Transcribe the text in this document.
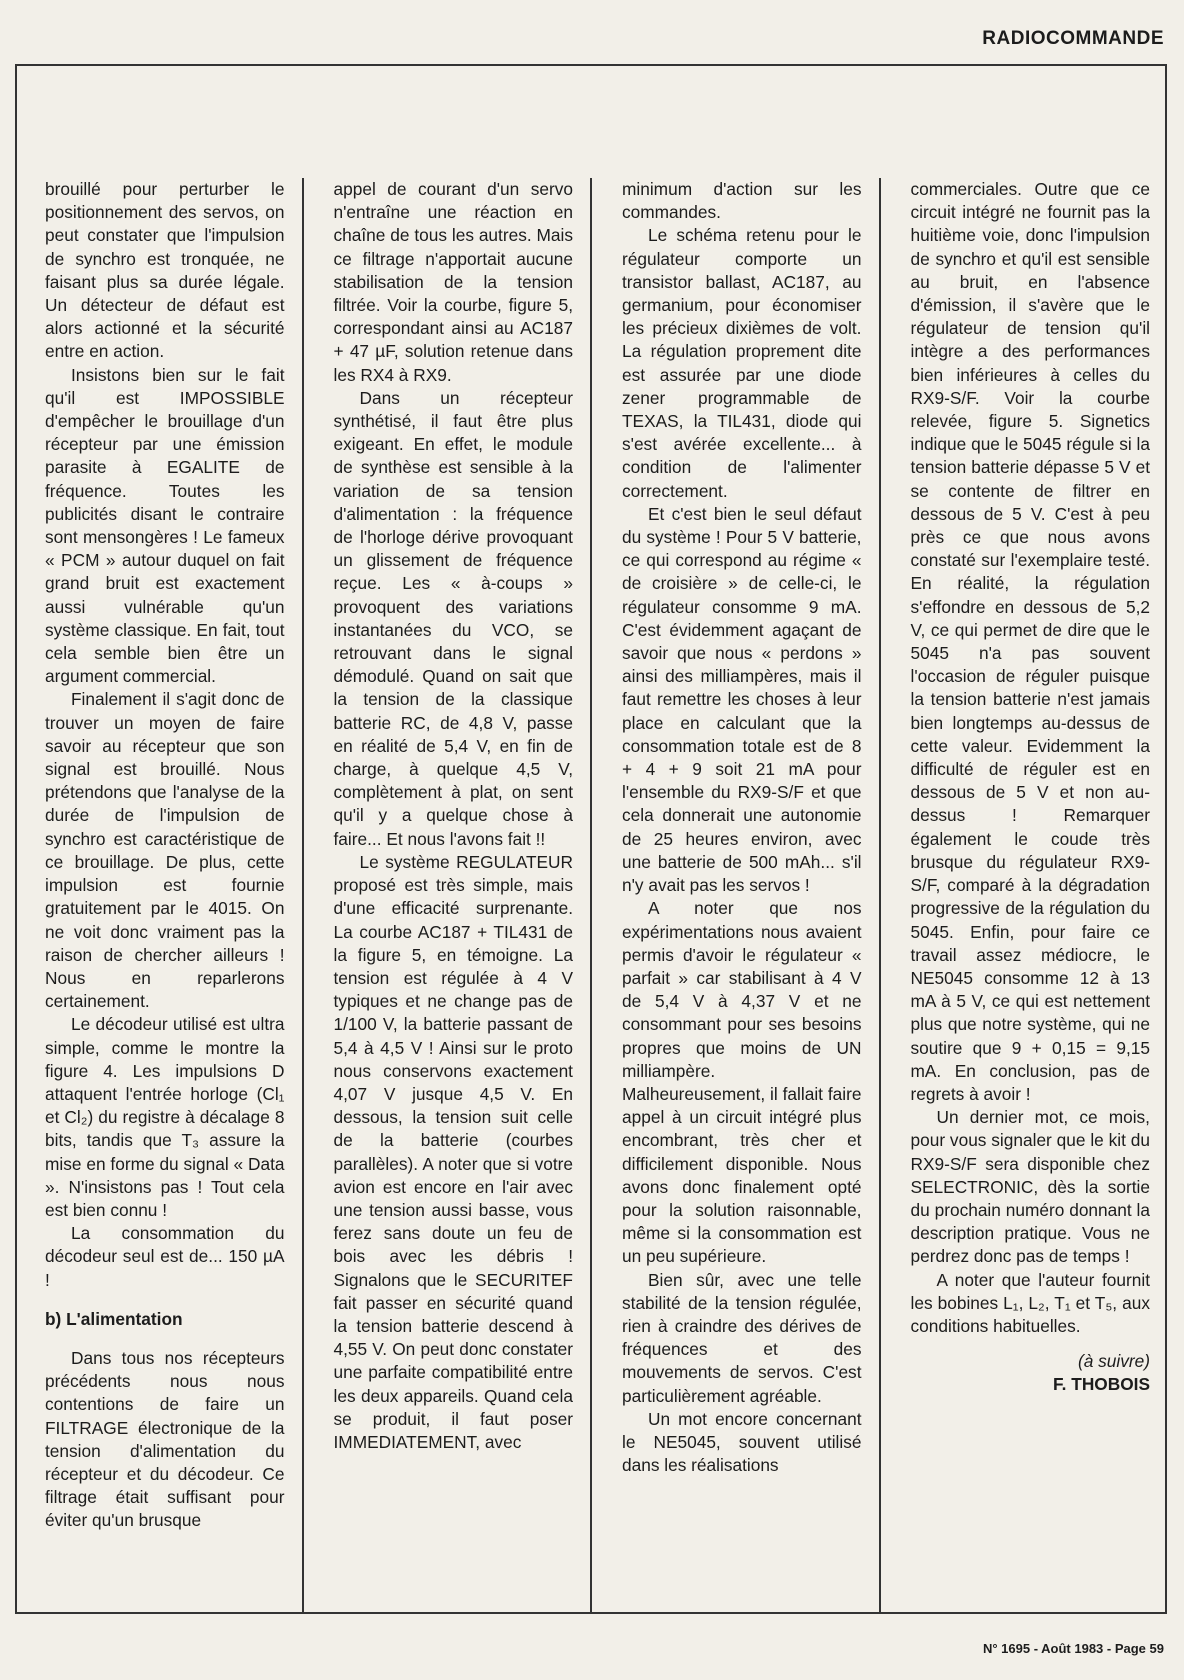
RADIOCOMMANDE

brouillé pour perturber le positionnement des servos, on peut constater que l'impulsion de synchro est tronquée, ne faisant plus sa durée légale. Un détecteur de défaut est alors actionné et la sécurité entre en action.

Insistons bien sur le fait qu'il est IMPOSSIBLE d'empêcher le brouillage d'un récepteur par une émission parasite à EGALITE de fréquence. Toutes les publicités disant le contraire sont mensongères ! Le fameux « PCM » autour duquel on fait grand bruit est exactement aussi vulnérable qu'un système classique. En fait, tout cela semble bien être un argument commercial.

Finalement il s'agit donc de trouver un moyen de faire savoir au récepteur que son signal est brouillé. Nous prétendons que l'analyse de la durée de l'impulsion de synchro est caractéristique de ce brouillage. De plus, cette impulsion est fournie gratuitement par le 4015. On ne voit donc vraiment pas la raison de chercher ailleurs ! Nous en reparlerons certainement.

Le décodeur utilisé est ultra simple, comme le montre la figure 4. Les impulsions D attaquent l'entrée horloge (Cl₁ et Cl₂) du registre à décalage 8 bits, tandis que T₃ assure la mise en forme du signal « Data ». N'insistons pas ! Tout cela est bien connu !

La consommation du décodeur seul est de... 150 µA !

b) L'alimentation

Dans tous nos récepteurs précédents nous nous contentions de faire un FILTRAGE électronique de la tension d'alimentation du récepteur et du décodeur. Ce filtrage était suffisant pour éviter qu'un brusque

appel de courant d'un servo n'entraîne une réaction en chaîne de tous les autres. Mais ce filtrage n'apportait aucune stabilisation de la tension filtrée. Voir la courbe, figure 5, correspondant ainsi au AC187 + 47 µF, solution retenue dans les RX4 à RX9.

Dans un récepteur synthétisé, il faut être plus exigeant. En effet, le module de synthèse est sensible à la variation de sa tension d'alimentation : la fréquence de l'horloge dérive provoquant un glissement de fréquence reçue. Les « à-coups » provoquent des variations instantanées du VCO, se retrouvant dans le signal démodulé. Quand on sait que la tension de la classique batterie RC, de 4,8 V, passe en réalité de 5,4 V, en fin de charge, à quelque 4,5 V, complètement à plat, on sent qu'il y a quelque chose à faire... Et nous l'avons fait !!

Le système REGULATEUR proposé est très simple, mais d'une efficacité surprenante. La courbe AC187 + TIL431 de la figure 5, en témoigne. La tension est régulée à 4 V typiques et ne change pas de 1/100 V, la batterie passant de 5,4 à 4,5 V ! Ainsi sur le proto nous conservons exactement 4,07 V jusque 4,5 V. En dessous, la tension suit celle de la batterie (courbes parallèles). A noter que si votre avion est encore en l'air avec une tension aussi basse, vous ferez sans doute un feu de bois avec les débris ! Signalons que le SECURITEF fait passer en sécurité quand la tension batterie descend à 4,55 V. On peut donc constater une parfaite compatibilité entre les deux appareils. Quand cela se produit, il faut poser IMMEDIATEMENT, avec

minimum d'action sur les commandes.

Le schéma retenu pour le régulateur comporte un transistor ballast, AC187, au germanium, pour économiser les précieux dixièmes de volt. La régulation proprement dite est assurée par une diode zener programmable de TEXAS, la TIL431, diode qui s'est avérée excellente... à condition de l'alimenter correctement.

Et c'est bien le seul défaut du système ! Pour 5 V batterie, ce qui correspond au régime « de croisière » de celle-ci, le régulateur consomme 9 mA. C'est évidemment agaçant de savoir que nous « perdons » ainsi des milliampères, mais il faut remettre les choses à leur place en calculant que la consommation totale est de 8 + 4 + 9 soit 21 mA pour l'ensemble du RX9-S/F et que cela donnerait une autonomie de 25 heures environ, avec une batterie de 500 mAh... s'il n'y avait pas les servos !

A noter que nos expérimentations nous avaient permis d'avoir le régulateur « parfait » car stabilisant à 4 V de 5,4 V à 4,37 V et ne consommant pour ses besoins propres que moins de UN milliampère. Malheureusement, il fallait faire appel à un circuit intégré plus encombrant, très cher et difficilement disponible. Nous avons donc finalement opté pour la solution raisonnable, même si la consommation est un peu supérieure.

Bien sûr, avec une telle stabilité de la tension régulée, rien à craindre des dérives de fréquences et des mouvements de servos. C'est particulièrement agréable.

Un mot encore concernant le NE5045, souvent utilisé dans les réalisations

commerciales. Outre que ce circuit intégré ne fournit pas la huitième voie, donc l'impulsion de synchro et qu'il est sensible au bruit, en l'absence d'émission, il s'avère que le régulateur de tension qu'il intègre a des performances bien inférieures à celles du RX9-S/F. Voir la courbe relevée, figure 5. Signetics indique que le 5045 régule si la tension batterie dépasse 5 V et se contente de filtrer en dessous de 5 V. C'est à peu près ce que nous avons constaté sur l'exemplaire testé. En réalité, la régulation s'effondre en dessous de 5,2 V, ce qui permet de dire que le 5045 n'a pas souvent l'occasion de réguler puisque la tension batterie n'est jamais bien longtemps au-dessus de cette valeur. Evidemment la difficulté de réguler est en dessous de 5 V et non au-dessus ! Remarquer également le coude très brusque du régulateur RX9-S/F, comparé à la dégradation progressive de la régulation du 5045. Enfin, pour faire ce travail assez médiocre, le NE5045 consomme 12 à 13 mA à 5 V, ce qui est nettement plus que notre système, qui ne soutire que 9 + 0,15 = 9,15 mA. En conclusion, pas de regrets à avoir !

Un dernier mot, ce mois, pour vous signaler que le kit du RX9-S/F sera disponible chez SELECTRONIC, dès la sortie du prochain numéro donnant la description pratique. Vous ne perdrez donc pas de temps !

A noter que l'auteur fournit les bobines L₁, L₂, T₁ et T₅, aux conditions habituelles.

(à suivre)

F. THOBOIS

N° 1695 - Août 1983 - Page 59
